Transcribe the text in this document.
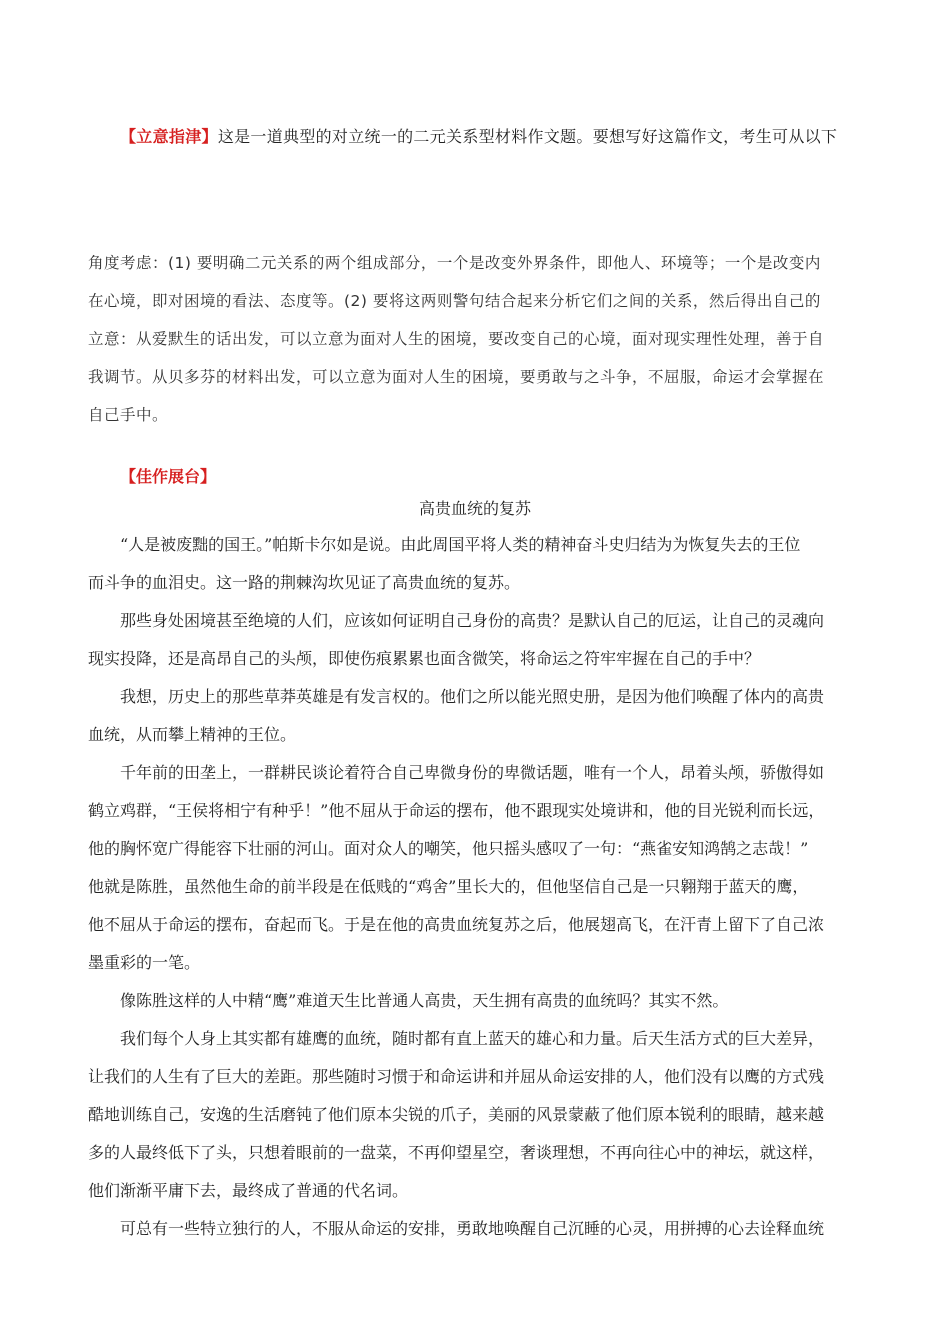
【立意指津】这是一道典型的对立统一的二元关系型材料作文题。要想写好这篇作文，考生可从以下
角度考虑：(1) 要明确二元关系的两个组成部分，一个是改变外界条件，即他人、环境等；一个是改变内
在心境，即对困境的看法、态度等。(2) 要将这两则警句结合起来分析它们之间的关系，然后得出自己的
立意：从爱默生的话出发，可以立意为面对人生的困境，要改变自己的心境，面对现实理性处理，善于自
我调节。从贝多芬的材料出发，可以立意为面对人生的困境，要勇敢与之斗争，不屈服，命运才会掌握在
自己手中。
【佳作展台】
高贵血统的复苏
“人是被废黜的国王。”帕斯卡尔如是说。由此周国平将人类的精神奋斗史归结为为恢复失去的王位
而斗争的血泪史。这一路的荆棘沟坎见证了高贵血统的复苏。
那些身处困境甚至绝境的人们，应该如何证明自己身份的高贵？是默认自己的厄运，让自己的灵魂向
现实投降，还是高昂自己的头颅，即使伤痕累累也面含微笑，将命运之符牢牢握在自己的手中？
我想，历史上的那些草莽英雄是有发言权的。他们之所以能光照史册，是因为他们唤醒了体内的高贵
血统，从而攀上精神的王位。
千年前的田垄上，一群耕民谈论着符合自己卑微身份的卑微话题，唯有一个人，昂着头颅，骄傲得如
鹤立鸡群，“王侯将相宁有种乎！”他不屈从于命运的摆布，他不跟现实处境讲和，他的目光锐利而长远，
他的胸怀宽广得能容下壮丽的河山。面对众人的嘲笑，他只摇头感叹了一句：“燕雀安知鸿鹄之志哉！”
他就是陈胜，虽然他生命的前半段是在低贱的“鸡舍”里长大的，但他坚信自己是一只翱翔于蓝天的鹰，
他不屈从于命运的摆布，奋起而飞。于是在他的高贵血统复苏之后，他展翅高飞，在汗青上留下了自己浓
墨重彩的一笔。
像陈胜这样的人中精“鹰”难道天生比普通人高贵，天生拥有高贵的血统吗？其实不然。
我们每个人身上其实都有雄鹰的血统，随时都有直上蓝天的雄心和力量。后天生活方式的巨大差异，
让我们的人生有了巨大的差距。那些随时习惯于和命运讲和并屈从命运安排的人，他们没有以鹰的方式残
酷地训练自己，安逸的生活磨钝了他们原本尖锐的爪子，美丽的风景蒙蔽了他们原本锐利的眼睛，越来越
多的人最终低下了头，只想着眼前的一盘菜，不再仰望星空，奢谈理想，不再向往心中的神坛，就这样，
他们渐渐平庸下去，最终成了普通的代名词。
可总有一些特立独行的人，不服从命运的安排，勇敢地唤醒自己沉睡的心灵，用拼搏的心去诠释血统
